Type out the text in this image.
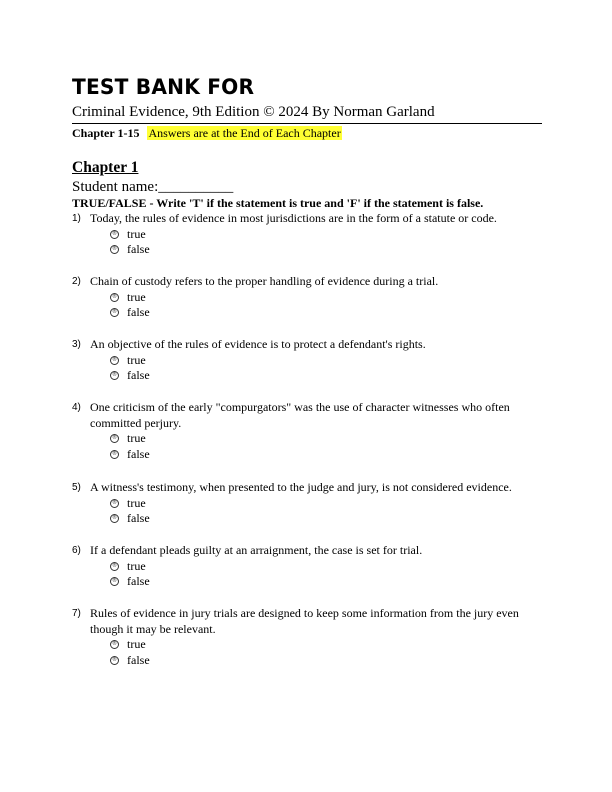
TEST BANK FOR
Criminal Evidence, 9th Edition © 2024 By Norman Garland
Chapter 1-15 Answers are at the End of Each Chapter
Chapter 1
Student name:__________
TRUE/FALSE - Write 'T' if the statement is true and 'F' if the statement is false.
1) Today, the rules of evidence in most jurisdictions are in the form of a statute or code.
® true
® false
2) Chain of custody refers to the proper handling of evidence during a trial.
® true
® false
3) An objective of the rules of evidence is to protect a defendant's rights.
® true
® false
4) One criticism of the early "compurgators" was the use of character witnesses who often committed perjury.
® true
® false
5) A witness's testimony, when presented to the judge and jury, is not considered evidence.
® true
® false
6) If a defendant pleads guilty at an arraignment, the case is set for trial.
® true
® false
7) Rules of evidence in jury trials are designed to keep some information from the jury even though it may be relevant.
® true
® false
